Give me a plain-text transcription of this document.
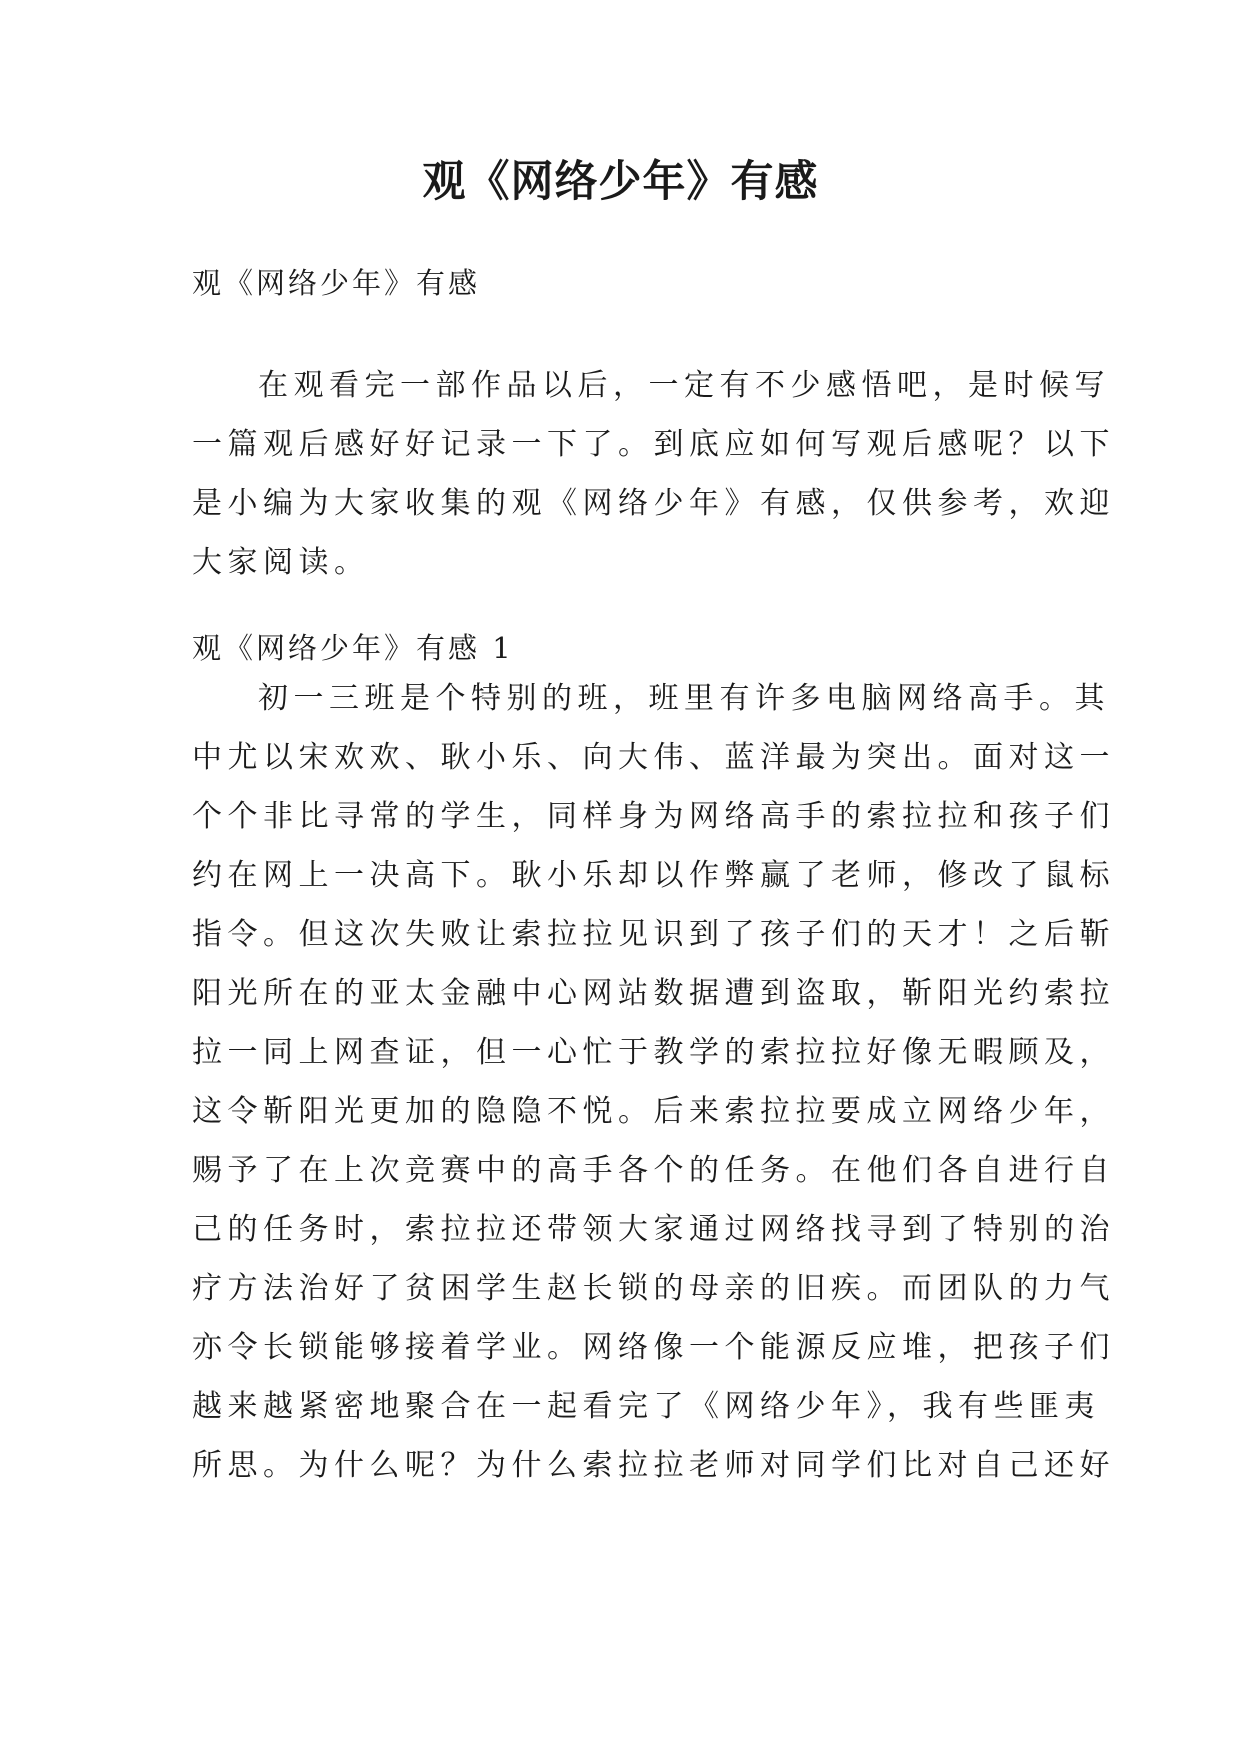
观《网络少年》有感

观《网络少年》有感

在观看完一部作品以后，一定有不少感悟吧，是时候写
一篇观后感好好记录一下了。到底应如何写观后感呢？以下
是小编为大家收集的观《网络少年》有感，仅供参考，欢迎
大家阅读。

观《网络少年》有感 1

初一三班是个特别的班，班里有许多电脑网络高手。其
中尤以宋欢欢、耿小乐、向大伟、蓝洋最为突出。面对这一
个个非比寻常的学生，同样身为网络高手的索拉拉和孩子们
约在网上一决高下。耿小乐却以作弊赢了老师，修改了鼠标
指令。但这次失败让索拉拉见识到了孩子们的天才！之后靳
阳光所在的亚太金融中心网站数据遭到盗取，靳阳光约索拉
拉一同上网查证，但一心忙于教学的索拉拉好像无暇顾及，
这令靳阳光更加的隐隐不悦。后来索拉拉要成立网络少年，
赐予了在上次竞赛中的高手各个的任务。在他们各自进行自
己的任务时，索拉拉还带领大家通过网络找寻到了特别的治
疗方法治好了贫困学生赵长锁的母亲的旧疾。而团队的力气
亦令长锁能够接着学业。网络像一个能源反应堆，把孩子们
越来越紧密地聚合在一起看完了《网络少年》，我有些匪夷
所思。为什么呢？为什么索拉拉老师对同学们比对自己还好
